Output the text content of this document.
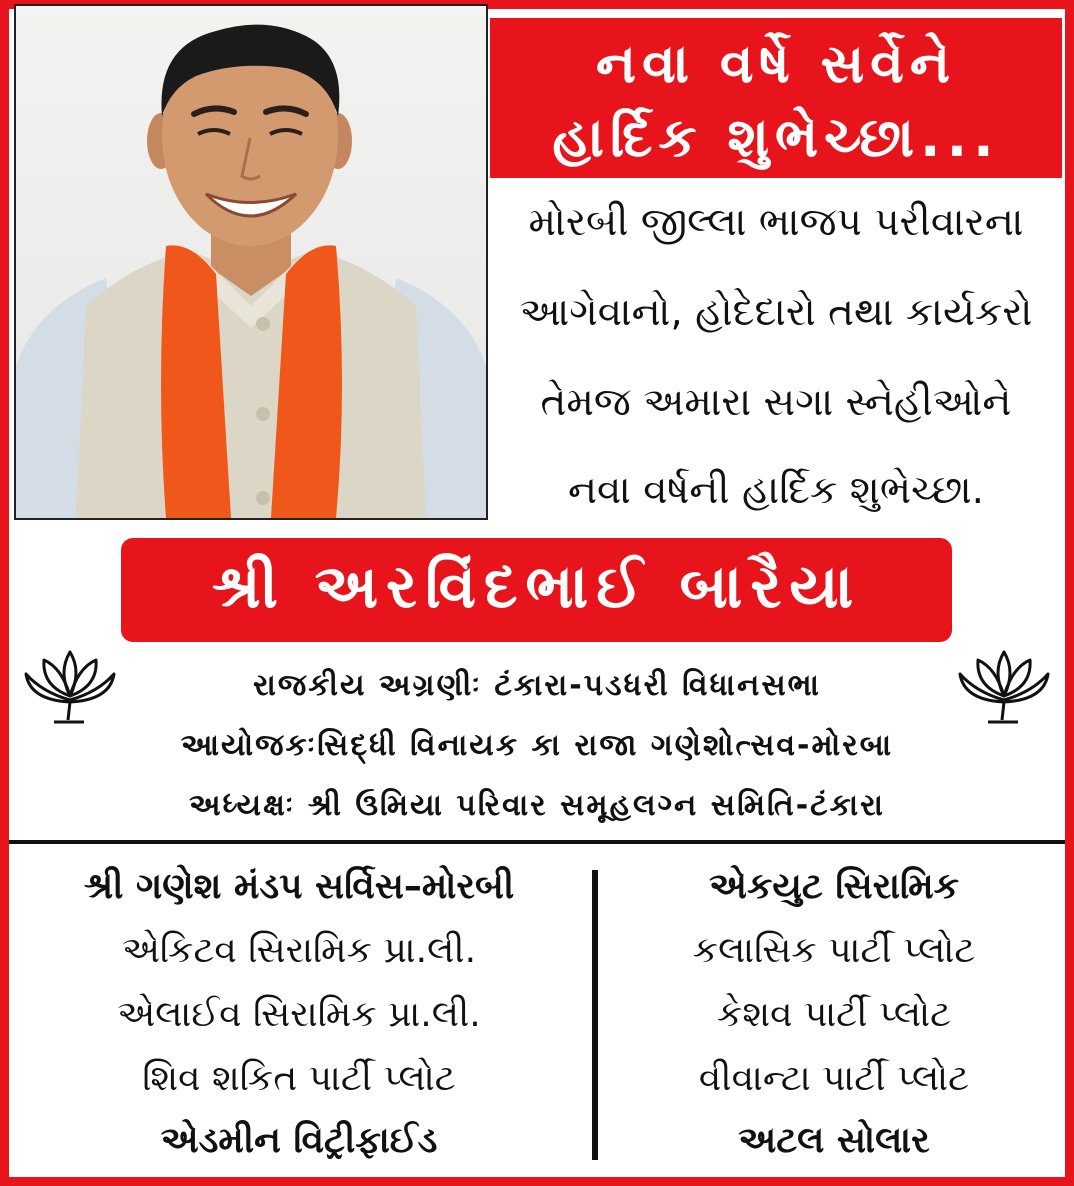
નવા વર્ષે સર્વેને
હાર્દિક શુભેચ્છા...
મોરબી જીલ્લા ભાજપ પરીવારના
આગેવાનો, હોદેદારો તથા કાર્યકરો
તેમજ અમારા સગા સ્નેહીઓને
નવા વર્ષની હાર્દિક શુભેચ્છા.
શ્રી અરવિંદભાઈ બારૈયા
રાજકીય અગ્રણીઃ ટંકારા-પડધરી વિધાનસભા
આયોજકઃસિદ્ધી વિનાયક કા રાજા ગણેશોત્સવ-મોરબા
અધ્યક્ષઃ શ્રી ઉમિયા પરિવાર સમૂહલગ્ન સમિતિ-ટંકારા
શ્રી ગણેશ મંડપ સર્વિસ–મોરબી
એકિટવ સિરામિક પ્રા.લી.
એલાઈવ સિરામિક પ્રા.લી.
શિવ શકિત પાર્ટી પ્લોટ
એડમીન વિટ્રીફાઈડ
એકયુટ સિરામિક
કલાસિક પાર્ટી પ્લોટ
કેશવ પાર્ટી પ્લોટ
વીવાન્ટા પાર્ટી પ્લોટ
અટલ સોલાર
